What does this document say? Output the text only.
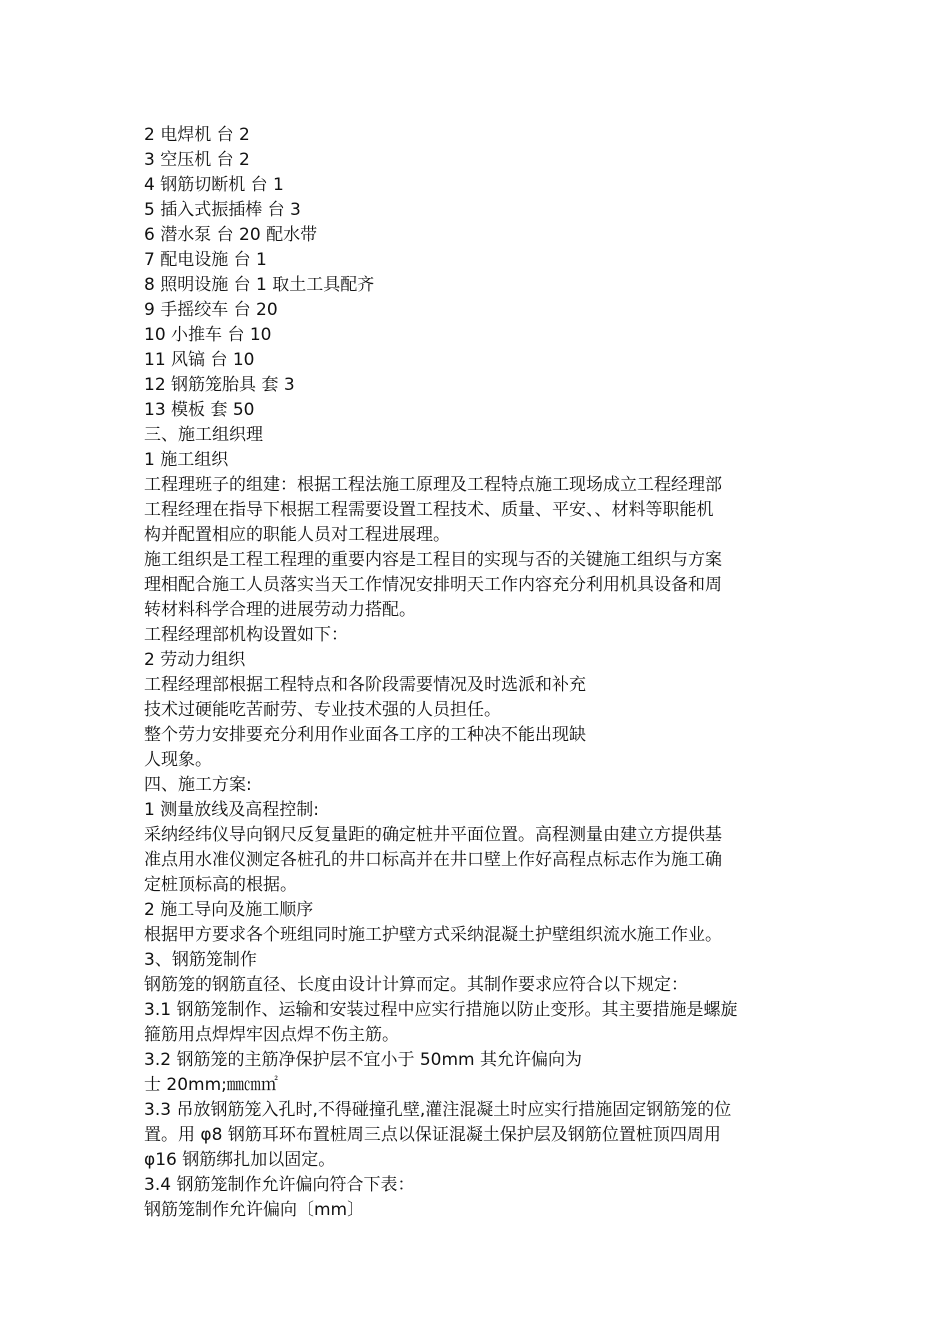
2 电焊机 台 2
3 空压机 台 2
4 钢筋切断机 台 1
5 插入式振插棒 台 3
6 潜水泵 台 20 配水带
7 配电设施 台 1
8 照明设施 台 1 取土工具配齐
9 手摇绞车 台 20
10 小推车 台 10
11 风镐 台 10
12 钢筋笼胎具 套 3
13 模板 套 50
三、施工组织理
1 施工组织
工程理班子的组建：根据工程法施工原理及工程特点施工现场成立工程经理部
工程经理在指导下根据工程需要设置工程技术、质量、平安、、材料等职能机
构并配置相应的职能人员对工程进展理。
施工组织是工程工程理的重要内容是工程目的实现与否的关键施工组织与方案
理相配合施工人员落实当天工作情况安排明天工作内容充分利用机具设备和周
转材料科学合理的进展劳动力搭配。
工程经理部机构设置如下：
2 劳动力组织
工程经理部根据工程特点和各阶段需要情况及时选派和补充
技术过硬能吃苦耐劳、专业技术强的人员担任。
整个劳力安排要充分利用作业面各工序的工种决不能出现缺
人现象。
四、施工方案:
1 测量放线及高程控制:
采纳经纬仪导向钢尺反复量距的确定桩井平面位置。高程测量由建立方提供基
准点用水准仪测定各桩孔的井口标高并在井口壁上作好高程点标志作为施工确
定桩顶标高的根据。
2 施工导向及施工顺序
根据甲方要求各个班组同时施工护壁方式采纳混凝土护壁组织流水施工作业。
3、钢筋笼制作
钢筋笼的钢筋直径、长度由设计计算而定。其制作要求应符合以下规定：
3.1 钢筋笼制作、运输和安装过程中应实行措施以防止变形。其主要措施是螺旋
箍筋用点焊焊牢因点焊不伤主筋。
3.2 钢筋笼的主筋净保护层不宜小于 50mm 其允许偏向为
士 20mm;㎜㎝㎡
3.3 吊放钢筋笼入孔时,不得碰撞孔壁,灌注混凝土时应实行措施固定钢筋笼的位
置。用 φ8 钢筋耳环布置桩周三点以保证混凝土保护层及钢筋位置桩顶四周用
φ16 钢筋绑扎加以固定。
3.4 钢筋笼制作允许偏向符合下表：
钢筋笼制作允许偏向〔mm〕
